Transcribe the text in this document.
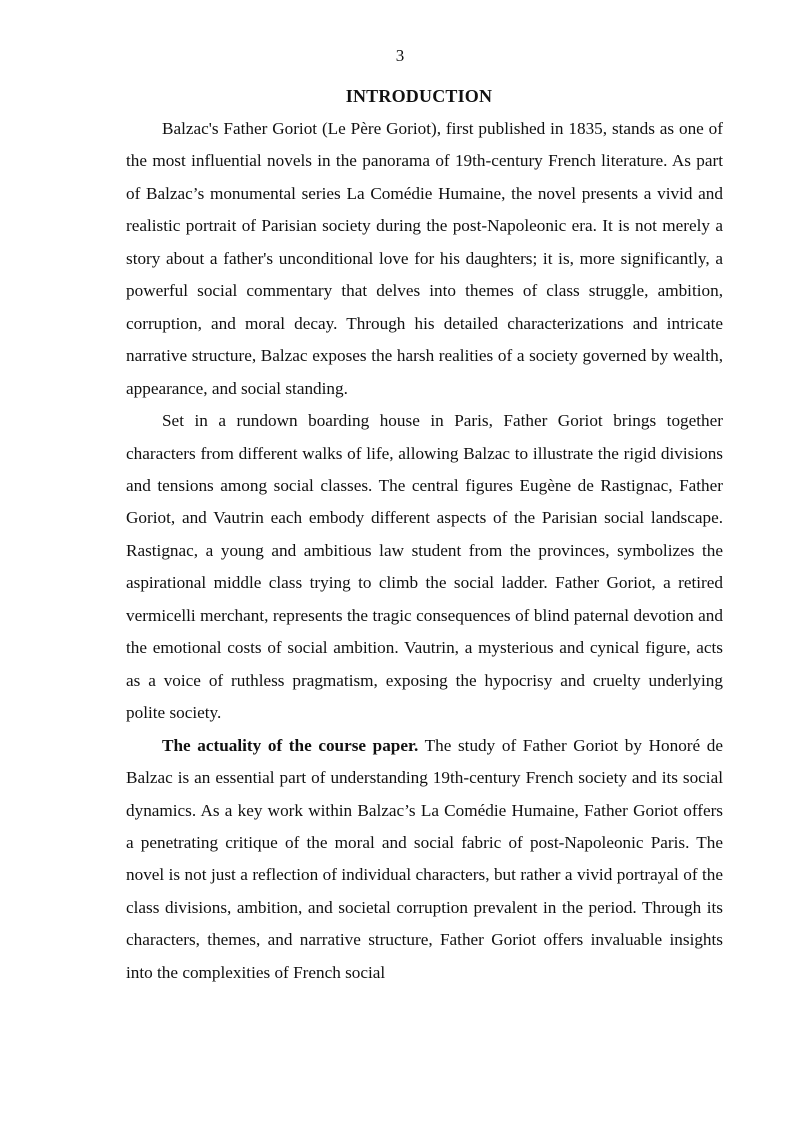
3
INTRODUCTION

Balzac's Father Goriot (Le Père Goriot), first published in 1835, stands as one of the most influential novels in the panorama of 19th-century French literature. As part of Balzac’s monumental series La Comédie Humaine, the novel presents a vivid and realistic portrait of Parisian society during the post-Napoleonic era. It is not merely a story about a father's unconditional love for his daughters; it is, more significantly, a powerful social commentary that delves into themes of class struggle, ambition, corruption, and moral decay. Through his detailed characterizations and intricate narrative structure, Balzac exposes the harsh realities of a society governed by wealth, appearance, and social standing.

Set in a rundown boarding house in Paris, Father Goriot brings together characters from different walks of life, allowing Balzac to illustrate the rigid divisions and tensions among social classes. The central figures Eugène de Rastignac, Father Goriot, and Vautrin each embody different aspects of the Parisian social landscape. Rastignac, a young and ambitious law student from the provinces, symbolizes the aspirational middle class trying to climb the social ladder. Father Goriot, a retired vermicelli merchant, represents the tragic consequences of blind paternal devotion and the emotional costs of social ambition. Vautrin, a mysterious and cynical figure, acts as a voice of ruthless pragmatism, exposing the hypocrisy and cruelty underlying polite society.

The actuality of the course paper. The study of Father Goriot by Honoré de Balzac is an essential part of understanding 19th-century French society and its social dynamics. As a key work within Balzac’s La Comédie Humaine, Father Goriot offers a penetrating critique of the moral and social fabric of post-Napoleonic Paris. The novel is not just a reflection of individual characters, but rather a vivid portrayal of the class divisions, ambition, and societal corruption prevalent in the period. Through its characters, themes, and narrative structure, Father Goriot offers invaluable insights into the complexities of French social
